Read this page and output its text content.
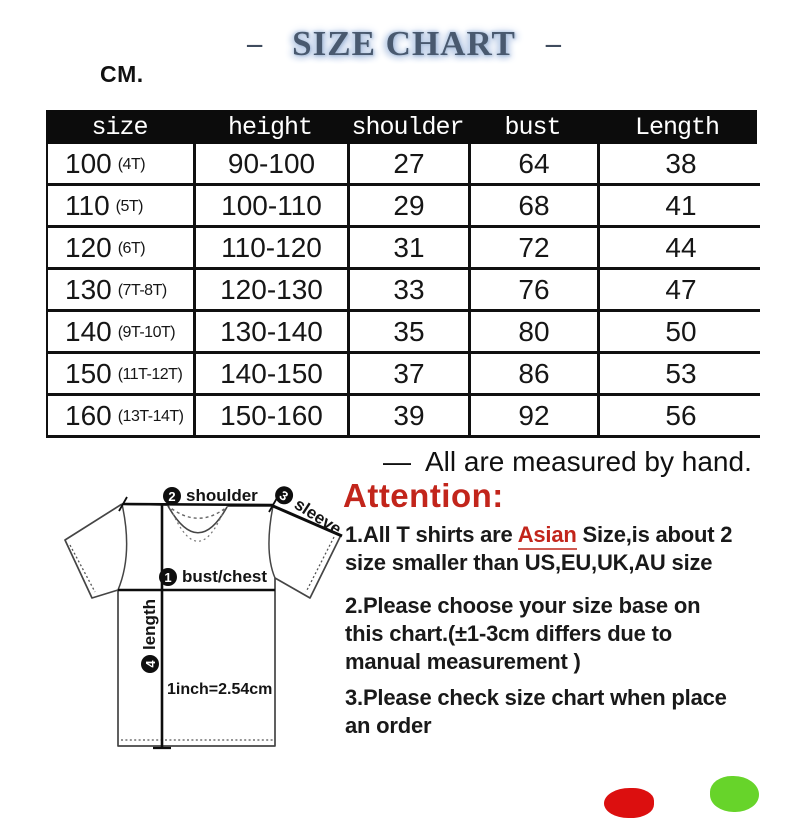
– SIZE CHART –
CM.
size	height	shoulder	bust	Length
100 (4T)	90-100	27	64	38
110 (5T)	100-110	29	68	41
120 (6T)	110-120	31	72	44
130 (7T-8T)	120-130	33	76	47
140 (9T-10T)	130-140	35	80	50
150 (11T-12T)	140-150	37	86	53
160 (13T-14T)	150-160	39	92	56
— All are measured by hand.
2 shoulder	3 sleeve
1 bust/chest
4
length
1inch=2.54cm
Attention:
1.All T shirts are Asian Size,is about 2
size smaller than US,EU,UK,AU size
2.Please choose your size base on
this chart.(±1-3cm differs due to
manual measurement )
3.Please check size chart when place
an order
